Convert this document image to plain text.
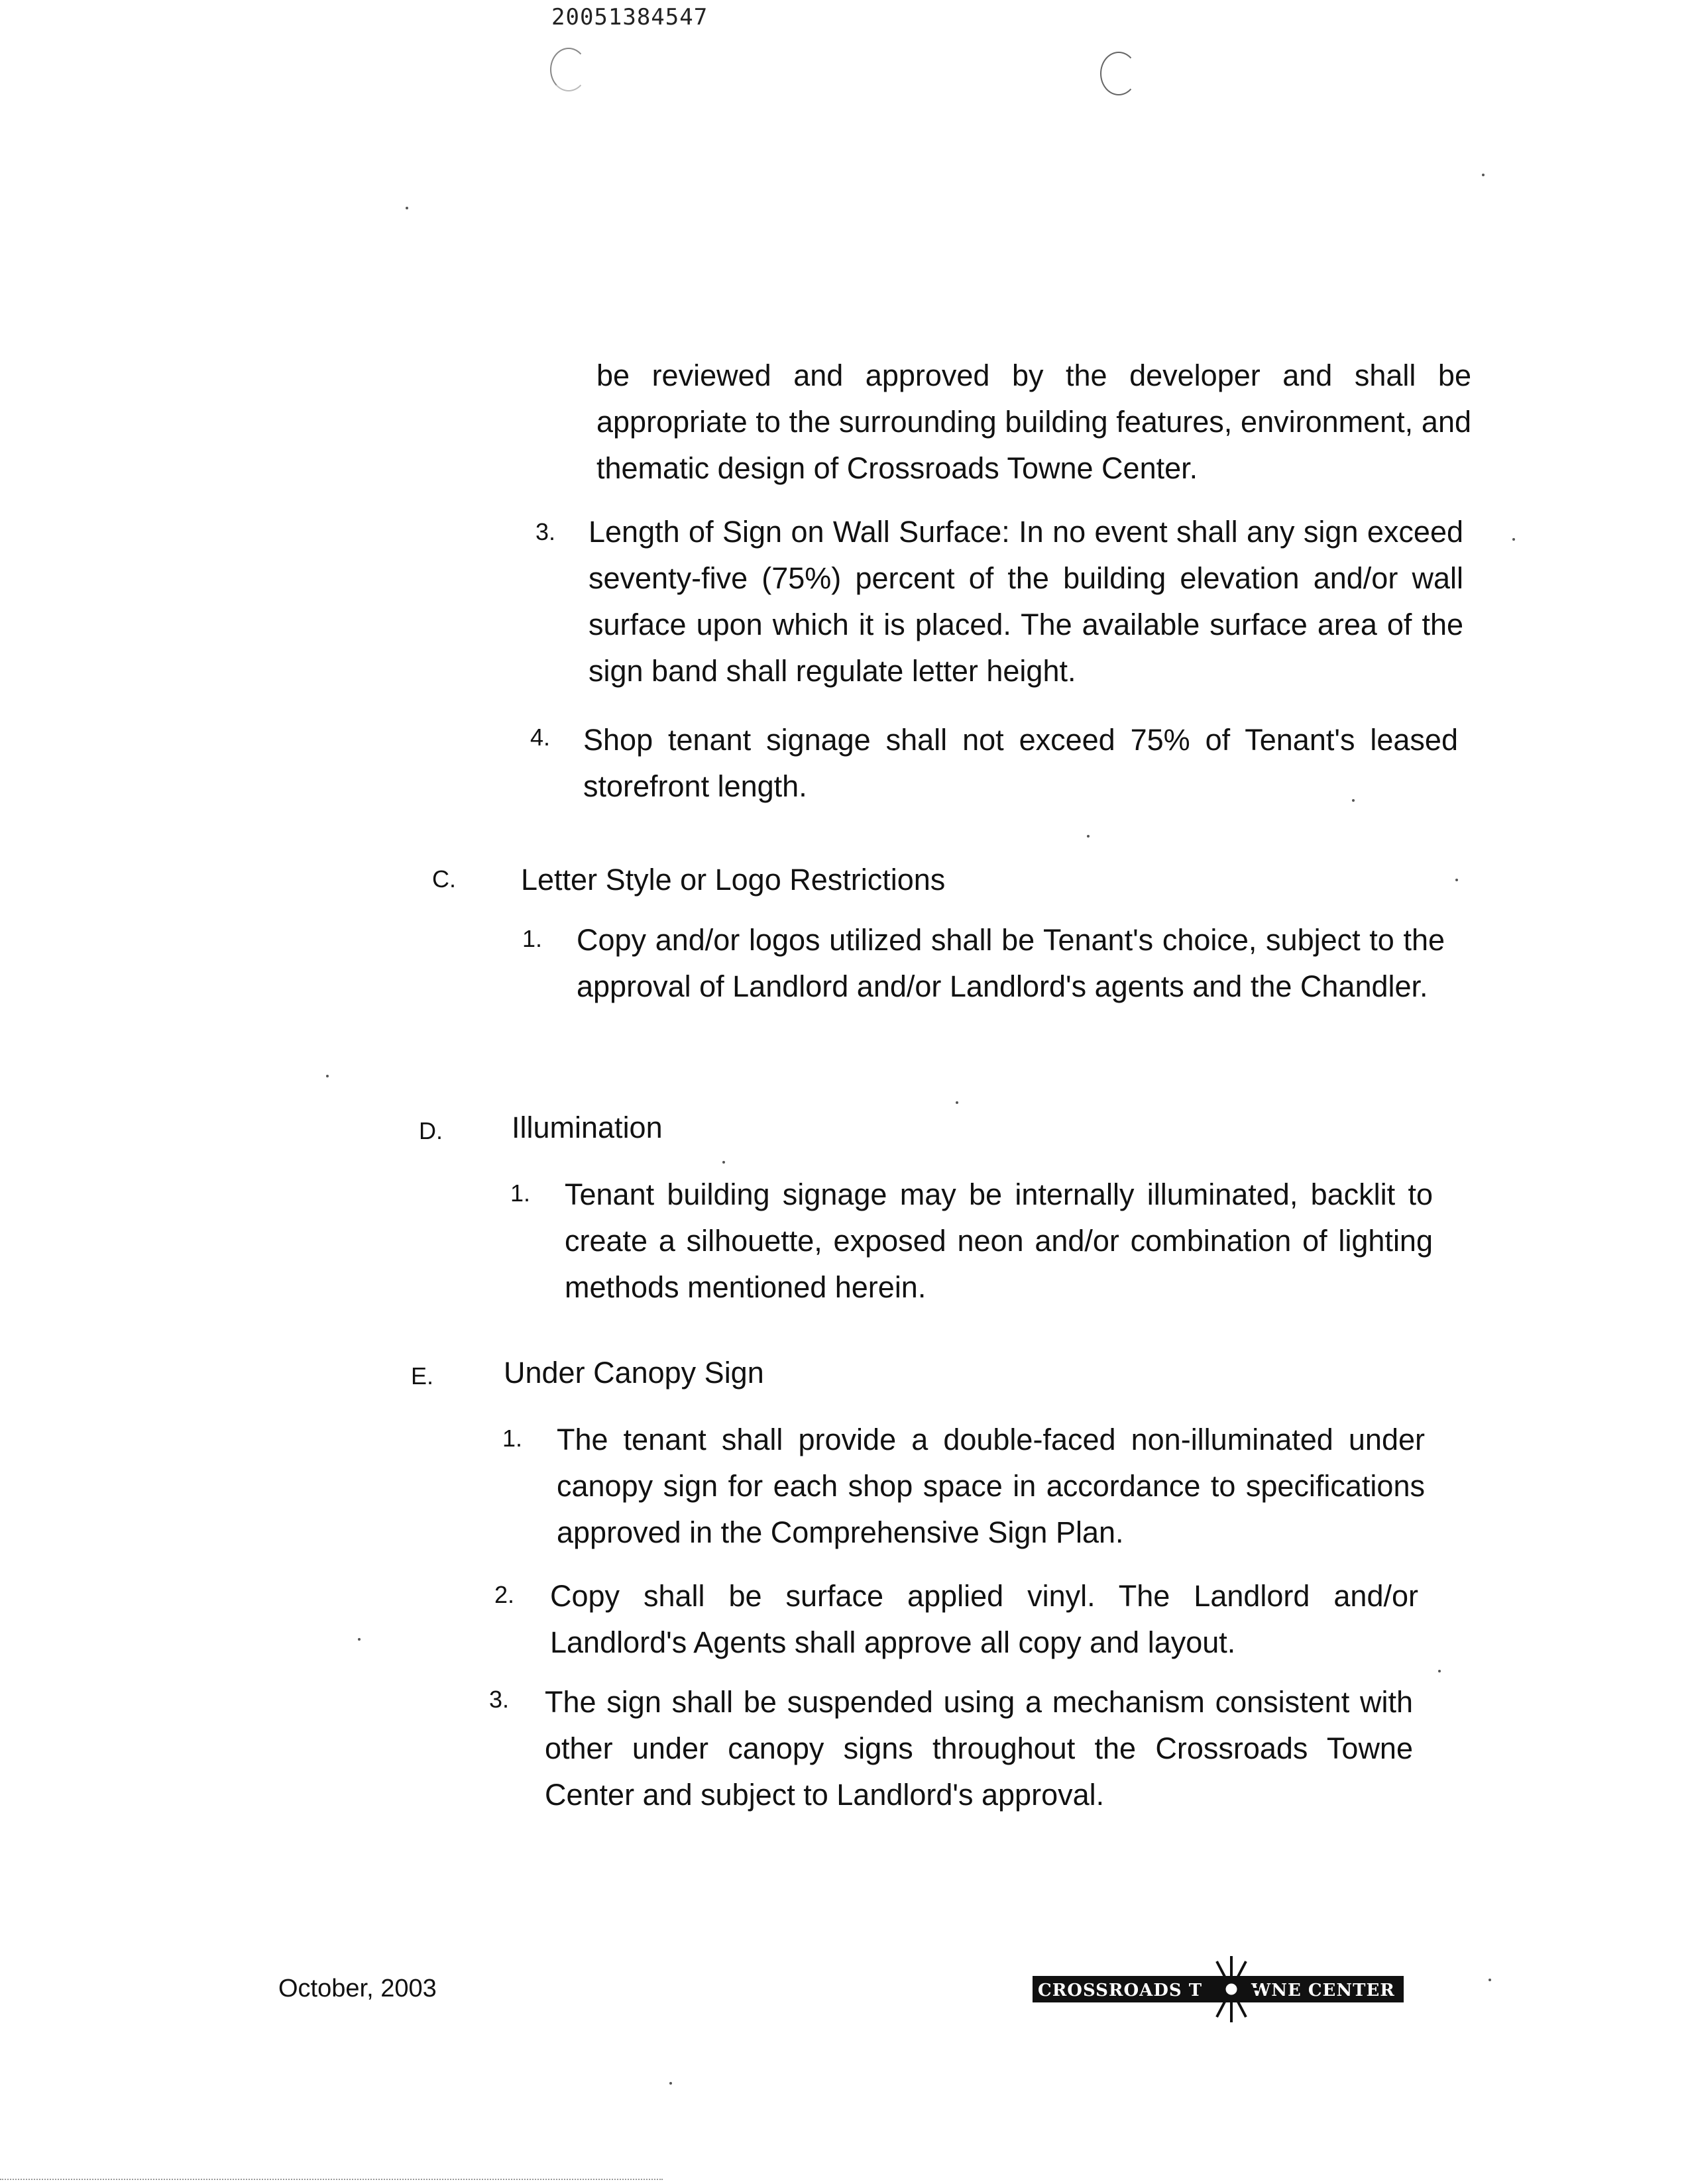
20051384547
be reviewed and approved by the developer and shall be appropriate to the surrounding building features, environment, and thematic design of Crossroads Towne Center.
3. Length of Sign on Wall Surface: In no event shall any sign exceed seventy-five (75%) percent of the building elevation and/or wall surface upon which it is placed. The available surface area of the sign band shall regulate letter height.
4. Shop tenant signage shall not exceed 75% of Tenant's leased storefront length.
C. Letter Style or Logo Restrictions
1. Copy and/or logos utilized shall be Tenant's choice, subject to the approval of Landlord and/or Landlord's agents and the Chandler.
D. Illumination
1. Tenant building signage may be internally illuminated, backlit to create a silhouette, exposed neon and/or combination of lighting methods mentioned herein.
E. Under Canopy Sign
1. The tenant shall provide a double-faced non-illuminated under canopy sign for each shop space in accordance to specifications approved in the Comprehensive Sign Plan.
2. Copy shall be surface applied vinyl. The Landlord and/or Landlord's Agents shall approve all copy and layout.
3. The sign shall be suspended using a mechanism consistent with other under canopy signs throughout the Crossroads Towne Center and subject to Landlord's approval.
October, 2003	CROSSROADS T	WNE CENTER
